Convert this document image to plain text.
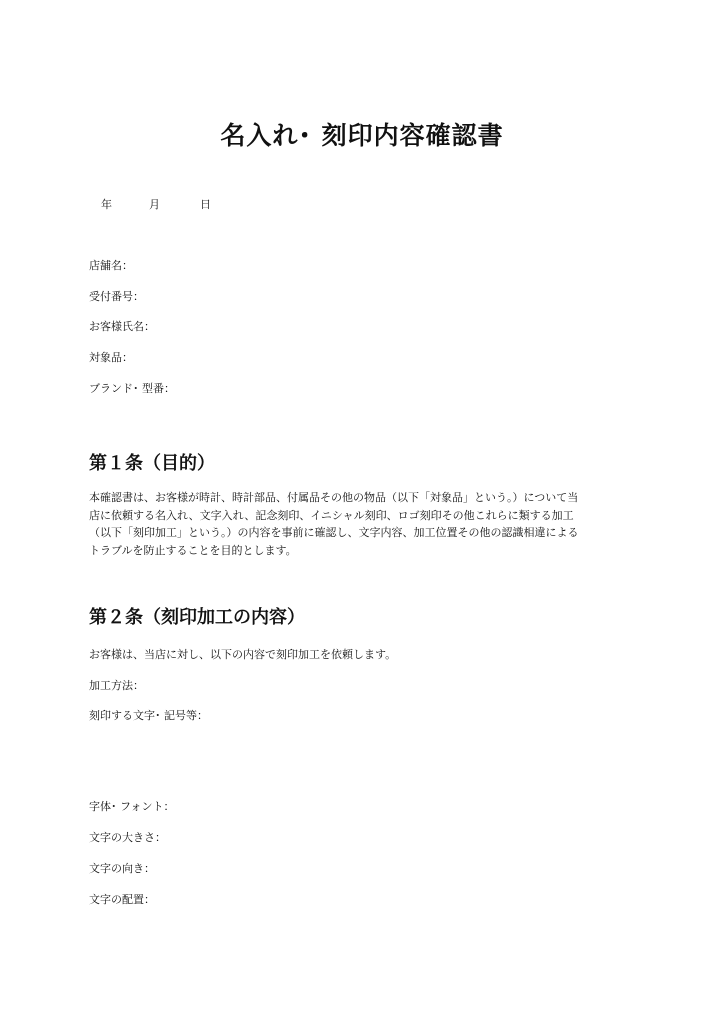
名入れ･ 刻印内容確認書
年	月	日
店舗名：
受付番号：
お客様氏名：
対象品：
ブランド･ 型番：
第１条（目的）
本確認書は、お客様が時計、時計部品、付属品その他の物品（以下「対象品」という。）について当
店に依頼する名入れ、文字入れ、記念刻印、イニシャル刻印、ロゴ刻印その他これらに類する加工
（以下「刻印加工」という。）の内容を事前に確認し、文字内容、加工位置その他の認識相違による
トラブルを防止することを目的とします。
第２条（刻印加工の内容）
お客様は、当店に対し、以下の内容で刻印加工を依頼します。
加工方法：
刻印する文字･ 記号等：
字体･ フォント：
文字の大きさ：
文字の向き：
文字の配置：
